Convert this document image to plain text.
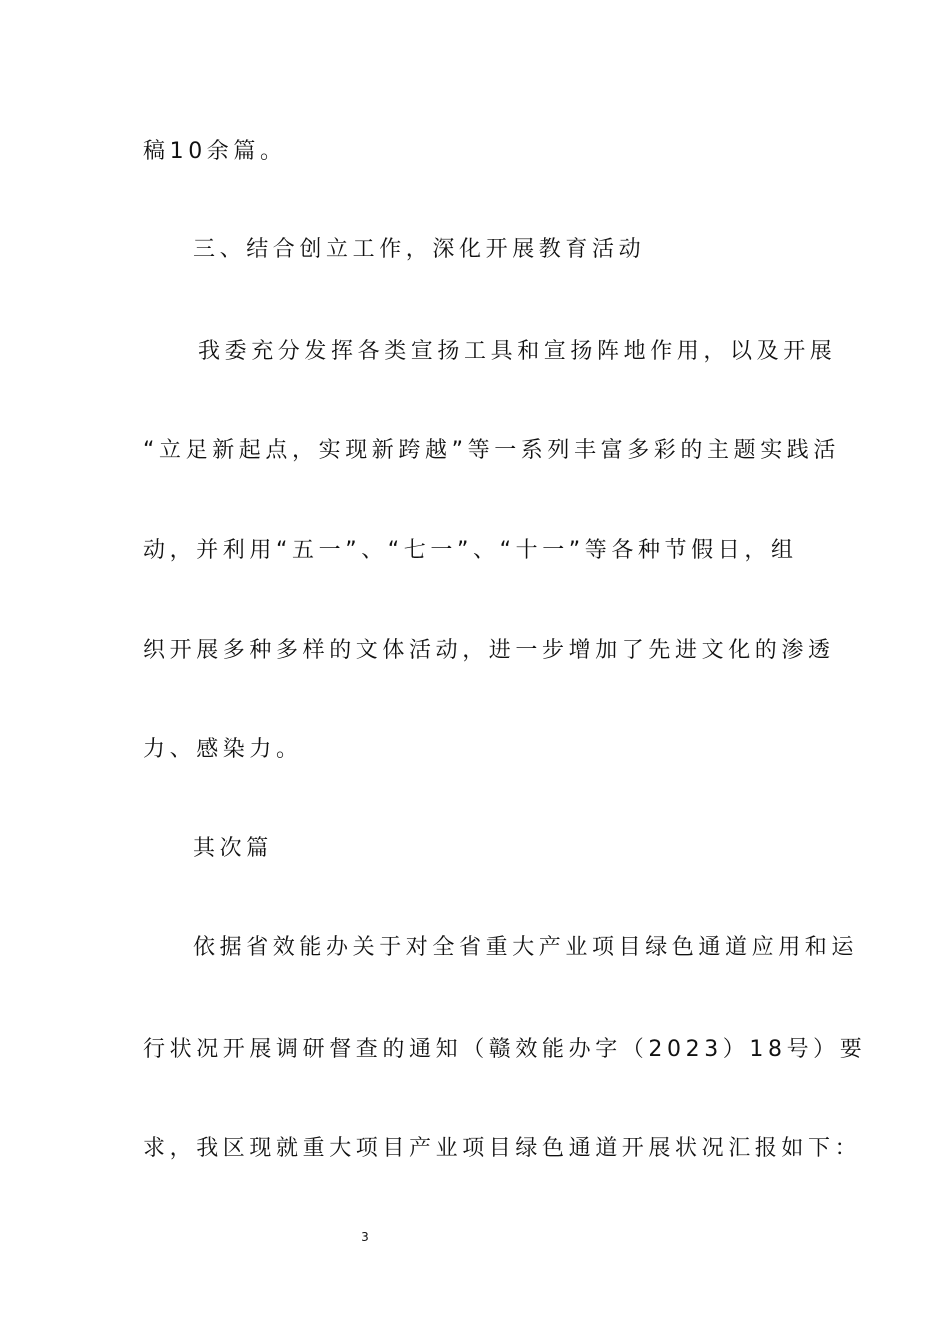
稿10余篇。
三、结合创立工作，深化开展教育活动
我委充分发挥各类宣扬工具和宣扬阵地作用，以及开展
“立足新起点，实现新跨越”等一系列丰富多彩的主题实践活
动，并利用“五一”、“七一”、“十一”等各种节假日，组
织开展多种多样的文体活动，进一步增加了先进文化的渗透
力、感染力。
其次篇
依据省效能办关于对全省重大产业项目绿色通道应用和运
行状况开展调研督查的通知（赣效能办字（2023）18号）要
求，我区现就重大项目产业项目绿色通道开展状况汇报如下：
3
